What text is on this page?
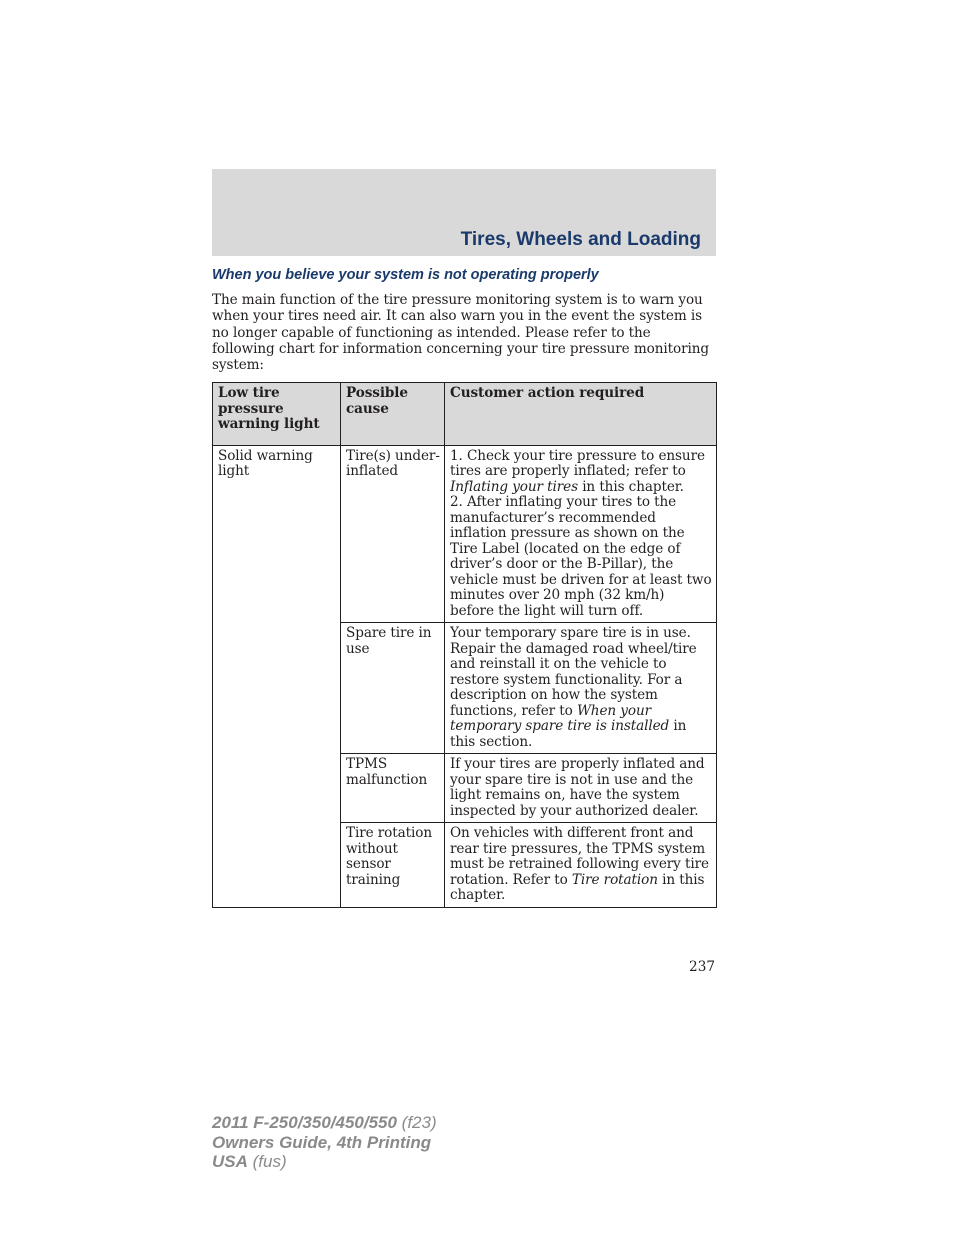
Tires, Wheels and Loading
When you believe your system is not operating properly

The main function of the tire pressure monitoring system is to warn you when your tires need air. It can also warn you in the event the system is no longer capable of functioning as intended. Please refer to the following chart for information concerning your tire pressure monitoring system:

Low tire pressure warning light	Possible cause	Customer action required
Solid warning light	Tire(s) under-inflated	1. Check your tire pressure to ensure tires are properly inflated; refer to Inflating your tires in this chapter.
2. After inflating your tires to the manufacturer’s recommended inflation pressure as shown on the Tire Label (located on the edge of driver’s door or the B-Pillar), the vehicle must be driven for at least two minutes over 20 mph (32 km/h) before the light will turn off.
	Spare tire in use	Your temporary spare tire is in use. Repair the damaged road wheel/tire and reinstall it on the vehicle to restore system functionality. For a description on how the system functions, refer to When your temporary spare tire is installed in this section.
	TPMS malfunction	If your tires are properly inflated and your spare tire is not in use and the light remains on, have the system inspected by your authorized dealer.
	Tire rotation without sensor training	On vehicles with different front and rear tire pressures, the TPMS system must be retrained following every tire rotation. Refer to Tire rotation in this chapter.

237

2011 F-250/350/450/550 (f23)
Owners Guide, 4th Printing
USA (fus)
